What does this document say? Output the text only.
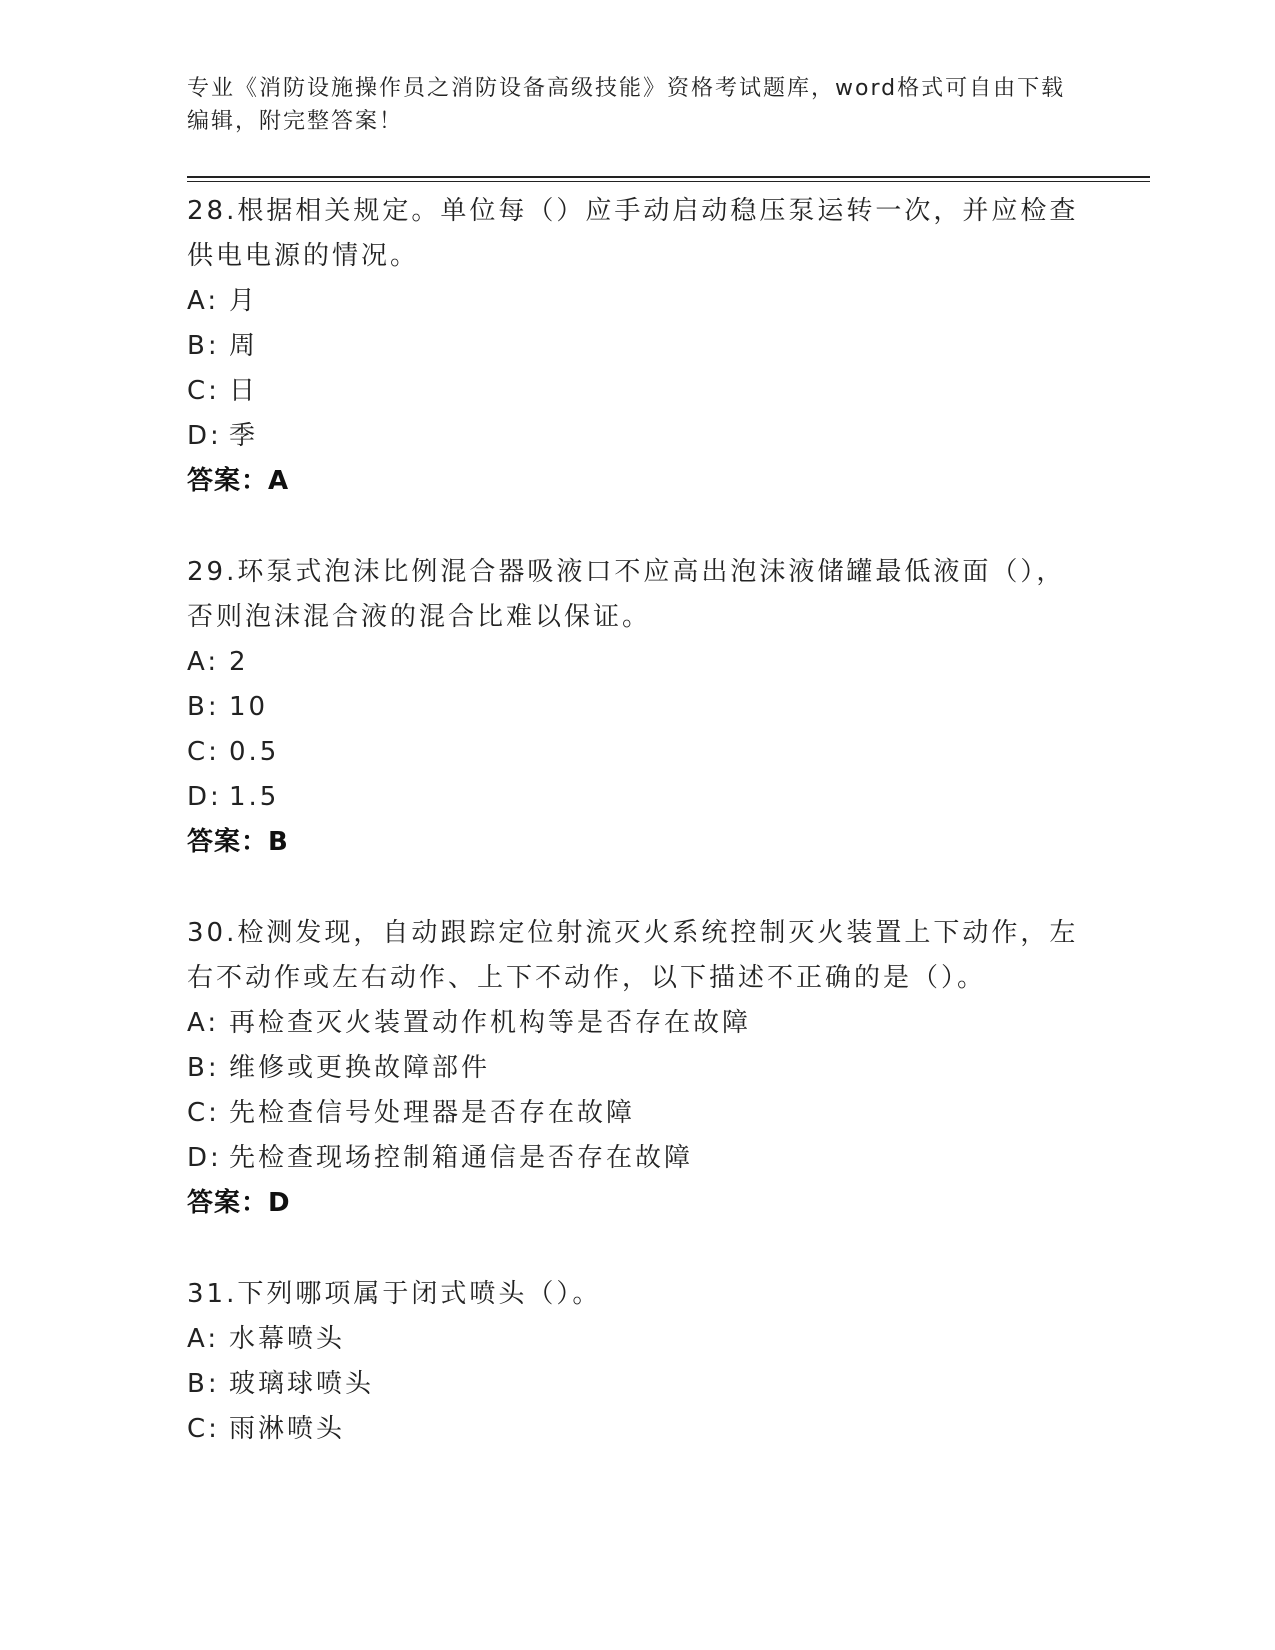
专业《消防设施操作员之消防设备高级技能》资格考试题库，word格式可自由下载编辑，附完整答案！
28.根据相关规定。单位每（）应手动启动稳压泵运转一次，并应检查供电电源的情况。
A: 月
B: 周
C: 日
D: 季
答案：A
29.环泵式泡沫比例混合器吸液口不应高出泡沫液储罐最低液面（），否则泡沫混合液的混合比难以保证。
A: 2
B: 10
C: 0.5
D: 1.5
答案：B
30.检测发现，自动跟踪定位射流灭火系统控制灭火装置上下动作，左右不动作或左右动作、上下不动作，以下描述不正确的是（）。
A: 再检查灭火装置动作机构等是否存在故障
B: 维修或更换故障部件
C: 先检查信号处理器是否存在故障
D: 先检查现场控制箱通信是否存在故障
答案：D
31.下列哪项属于闭式喷头（）。
A: 水幕喷头
B: 玻璃球喷头
C: 雨淋喷头
